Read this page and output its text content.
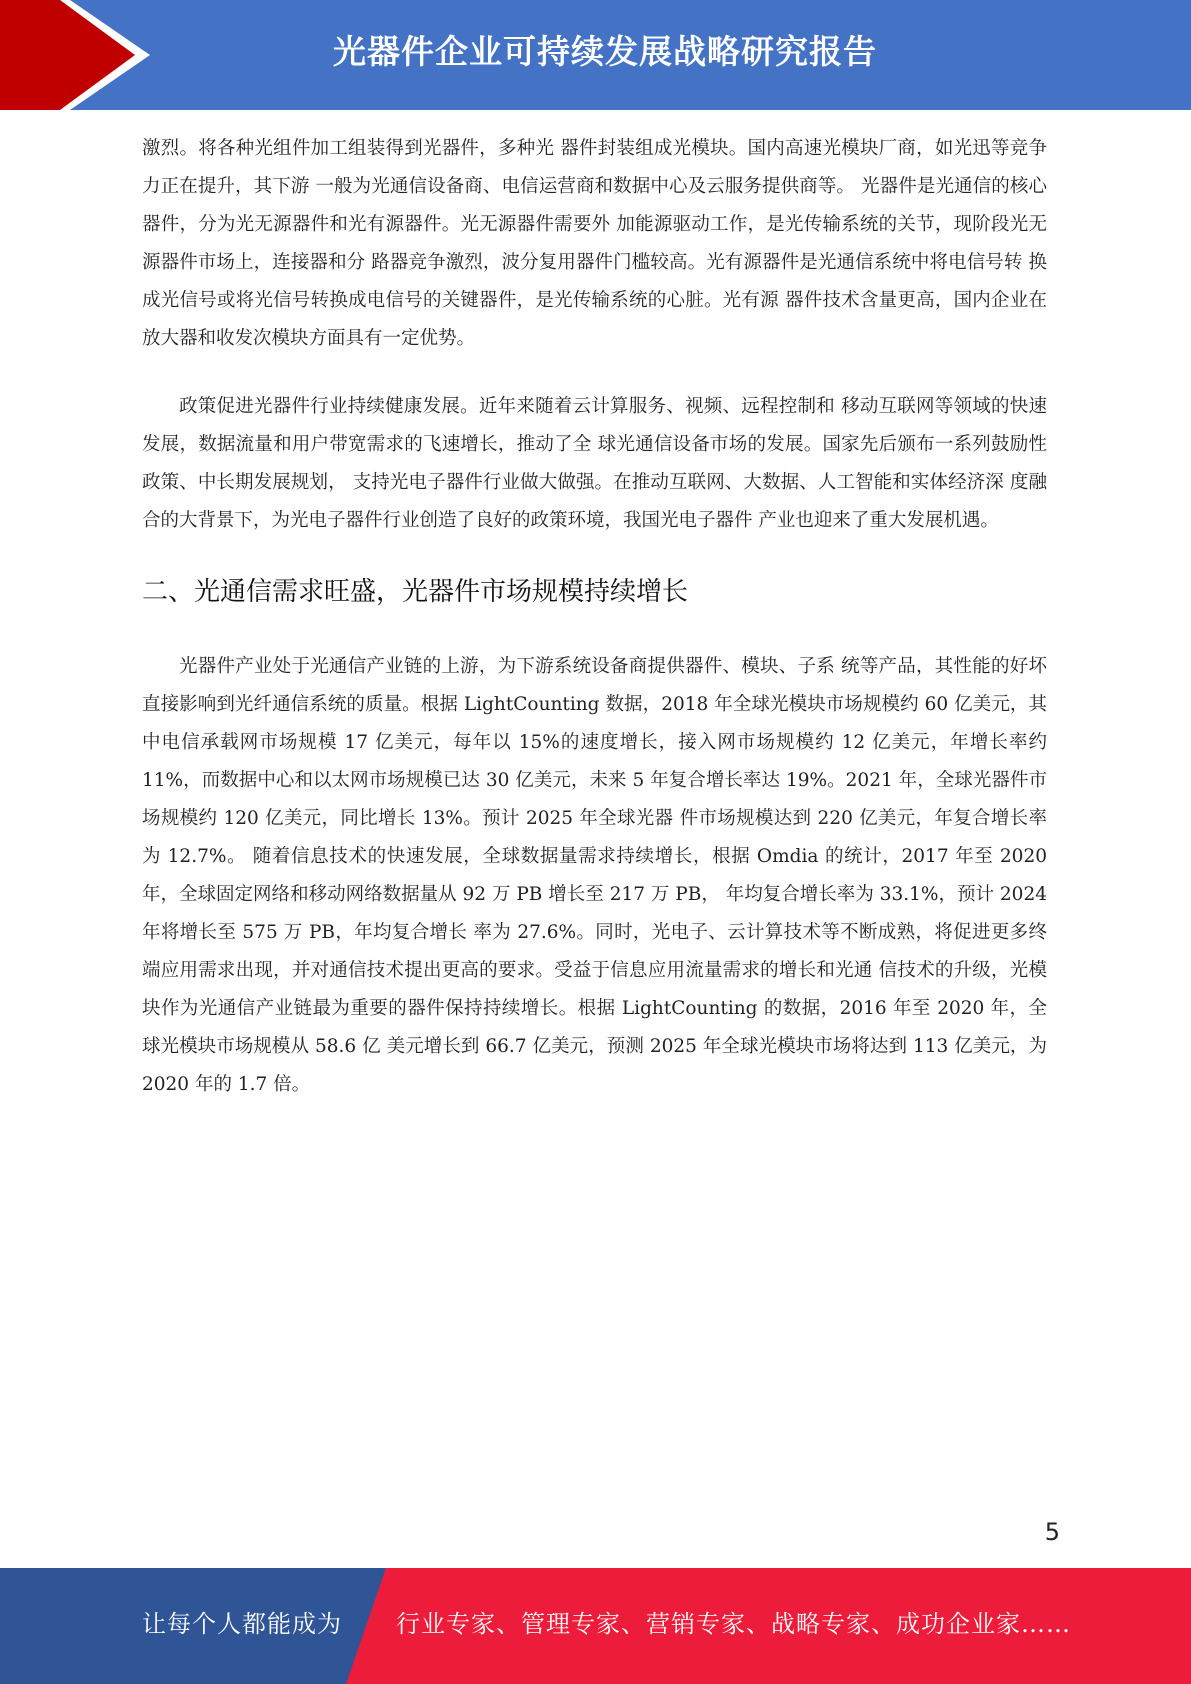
光器件企业可持续发展战略研究报告

激烈。将各种光组件加工组装得到光器件，多种光 器件封装组成光模块。国内高速光模块厂商，如光迅等竞争力正在提升，其下游 一般为光通信设备商、电信运营商和数据中心及云服务提供商等。 光器件是光通信的核心器件，分为光无源器件和光有源器件。光无源器件需要外 加能源驱动工作，是光传输系统的关节，现阶段光无源器件市场上，连接器和分 路器竞争激烈，波分复用器件门槛较高。光有源器件是光通信系统中将电信号转 换成光信号或将光信号转换成电信号的关键器件，是光传输系统的心脏。光有源 器件技术含量更高，国内企业在放大器和收发次模块方面具有一定优势。

政策促进光器件行业持续健康发展。近年来随着云计算服务、视频、远程控制和 移动互联网等领域的快速发展，数据流量和用户带宽需求的飞速增长，推动了全 球光通信设备市场的发展。国家先后颁布一系列鼓励性政策、中长期发展规划， 支持光电子器件行业做大做强。在推动互联网、大数据、人工智能和实体经济深 度融合的大背景下，为光电子器件行业创造了良好的政策环境，我国光电子器件 产业也迎来了重大发展机遇。

二、光通信需求旺盛，光器件市场规模持续增长

光器件产业处于光通信产业链的上游，为下游系统设备商提供器件、模块、子系 统等产品，其性能的好坏直接影响到光纤通信系统的质量。根据 LightCounting 数据，2018 年全球光模块市场规模约 60 亿美元，其中电信承载网市场规模 17 亿美元，每年以 15%的速度增长，接入网市场规模约 12 亿美元，年增长率约 11%，而数据中心和以太网市场规模已达 30 亿美元，未来 5 年复合增长率达 19%。2021 年，全球光器件市场规模约 120 亿美元，同比增长 13%。预计 2025 年全球光器 件市场规模达到 220 亿美元，年复合增长率为 12.7%。 随着信息技术的快速发展，全球数据量需求持续增长，根据 Omdia 的统计，2017 年至 2020 年，全球固定网络和移动网络数据量从 92 万 PB 增长至 217 万 PB， 年均复合增长率为 33.1%，预计 2024 年将增长至 575 万 PB，年均复合增长 率为 27.6%。同时，光电子、云计算技术等不断成熟，将促进更多终端应用需求出现，并对通信技术提出更高的要求。受益于信息应用流量需求的增长和光通 信技术的升级，光模块作为光通信产业链最为重要的器件保持持续增长。根据 LightCounting 的数据，2016 年至 2020 年，全球光模块市场规模从 58.6 亿 美元增长到 66.7 亿美元，预测 2025 年全球光模块市场将达到 113 亿美元，为 2020 年的 1.7 倍。

5
让每个人都能成为 行业专家、管理专家、营销专家、战略专家、成功企业家……
